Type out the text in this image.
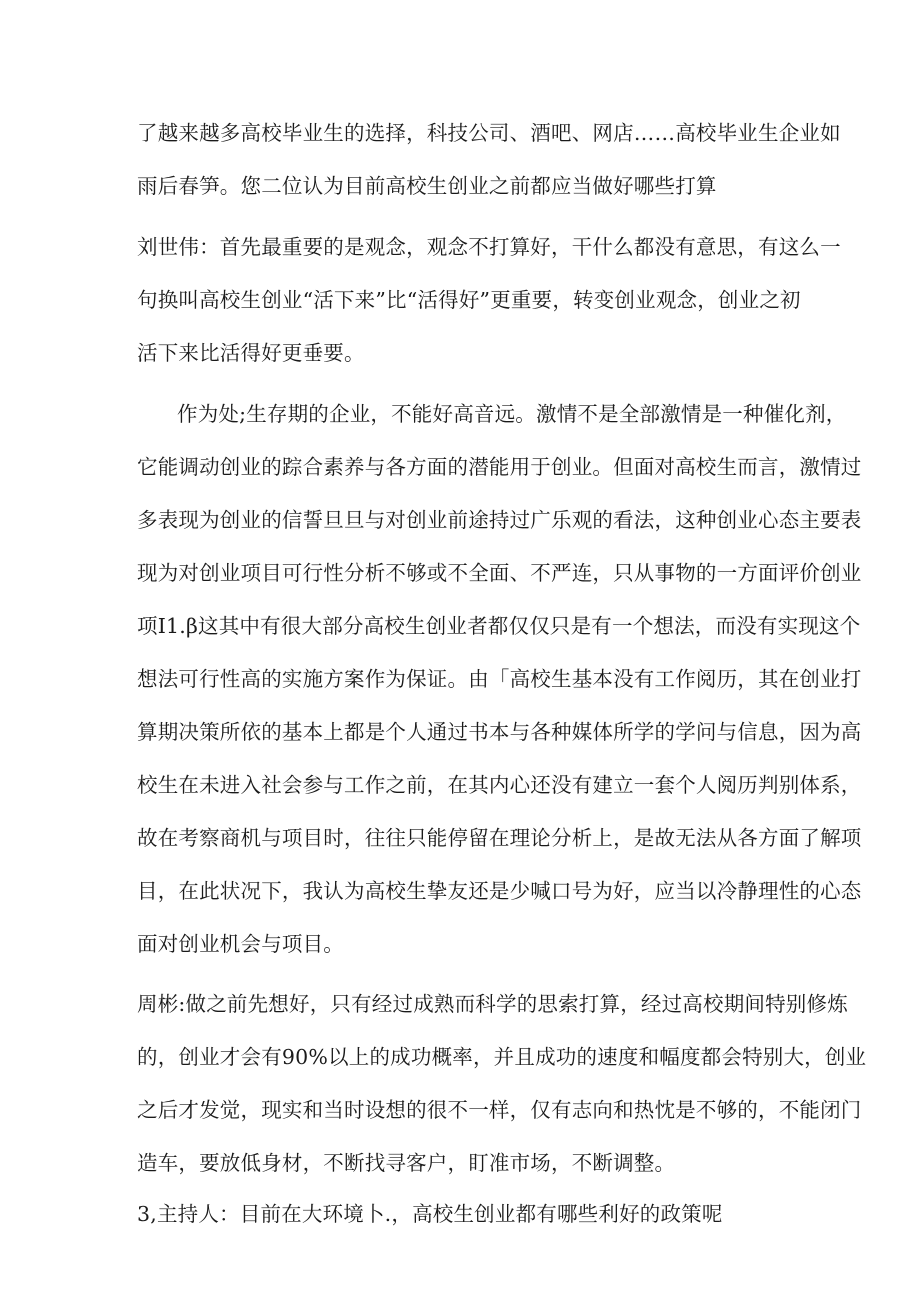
了越来越多高校毕业生的选择，科技公司、酒吧、网店……高校毕业生企业如
雨后春笋。您二位认为目前高校生创业之前都应当做好哪些打算
刘世伟：首先最重要的是观念，观念不打算好，干什么都没有意思，有这么一
句换叫高校生创业“活下来”比“活得好”更重要，转变创业观念，创业之初
活下来比活得好更垂要。
作为处;生存期的企业，不能好高音远。激情不是全部激情是一种催化剂，
它能调动创业的踪合素养与各方面的潜能用于创业。但面对高校生而言，激情过
多表现为创业的信誓旦旦与对创业前途持过广乐观的看法，这种创业心态主要表
现为对创业项目可行性分析不够或不全面、不严连，只从事物的一方面评价创业
项I1.β这其中有很大部分高校生创业者都仅仅只是有一个想法，而没有实现这个
想法可行性高的实施方案作为保证。由「高校生基本没有工作阅历，其在创业打
算期决策所依的基本上都是个人通过书本与各种媒体所学的学问与信息，因为高
校生在未进入社会参与工作之前，在其内心还没有建立一套个人阅历判别体系，
故在考察商机与项目时，往往只能停留在理论分析上，是故无法从各方面了解项
目，在此状况下，我认为高校生挚友还是少喊口号为好，应当以冷静理性的心态
面对创业机会与项目。
周彬:做之前先想好，只有经过成熟而科学的思索打算，经过高校期间特别修炼
的，创业才会有90%以上的成功概率，并且成功的速度和幅度都会特别大，创业
之后才发觉，现实和当时设想的很不一样，仅有志向和热忱是不够的，不能闭门
造车，要放低身材，不断找寻客户，盯准市场，不断调整。
3,主持人：目前在大环境卜.，高校生创业都有哪些利好的政策呢
